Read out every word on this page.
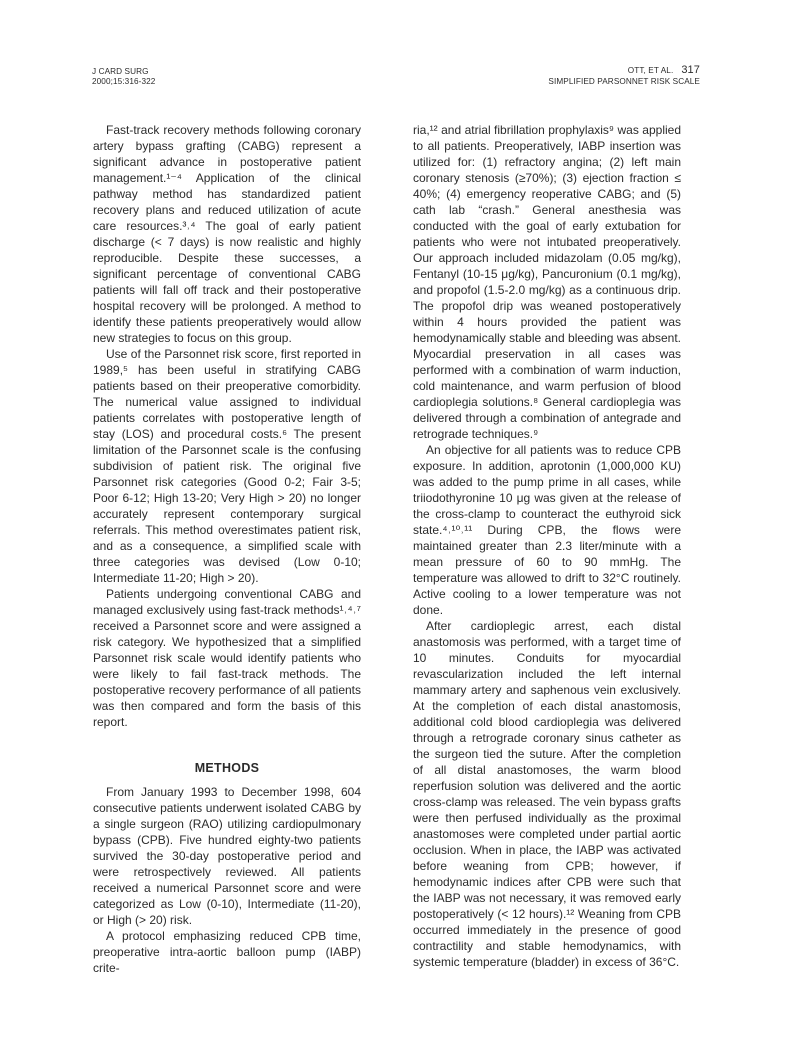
J CARD SURG
2000;15:316-322
OTT, ET AL. 317
SIMPLIFIED PARSONNET RISK SCALE

Fast-track recovery methods following coronary artery bypass grafting (CABG) represent a significant advance in postoperative patient management.¹⁻⁴ Application of the clinical pathway method has standardized patient recovery plans and reduced utilization of acute care resources.³˒⁴ The goal of early patient discharge (< 7 days) is now realistic and highly reproducible. Despite these successes, a significant percentage of conventional CABG patients will fall off track and their postoperative hospital recovery will be prolonged. A method to identify these patients preoperatively would allow new strategies to focus on this group.

Use of the Parsonnet risk score, first reported in 1989,⁵ has been useful in stratifying CABG patients based on their preoperative comorbidity. The numerical value assigned to individual patients correlates with postoperative length of stay (LOS) and procedural costs.⁶ The present limitation of the Parsonnet scale is the confusing subdivision of patient risk. The original five Parsonnet risk categories (Good 0-2; Fair 3-5; Poor 6-12; High 13-20; Very High > 20) no longer accurately represent contemporary surgical referrals. This method overestimates patient risk, and as a consequence, a simplified scale with three categories was devised (Low 0-10; Intermediate 11-20; High > 20).

Patients undergoing conventional CABG and managed exclusively using fast-track methods¹˒⁴˒⁷ received a Parsonnet score and were assigned a risk category. We hypothesized that a simplified Parsonnet risk scale would identify patients who were likely to fail fast-track methods. The postoperative recovery performance of all patients was then compared and form the basis of this report.

METHODS

From January 1993 to December 1998, 604 consecutive patients underwent isolated CABG by a single surgeon (RAO) utilizing cardiopulmonary bypass (CPB). Five hundred eighty-two patients survived the 30-day postoperative period and were retrospectively reviewed. All patients received a numerical Parsonnet score and were categorized as Low (0-10), Intermediate (11-20), or High (> 20) risk.

A protocol emphasizing reduced CPB time, preoperative intra-aortic balloon pump (IABP) crite-

ria,¹² and atrial fibrillation prophylaxis⁹ was applied to all patients. Preoperatively, IABP insertion was utilized for: (1) refractory angina; (2) left main coronary stenosis (≥70%); (3) ejection fraction ≤ 40%; (4) emergency reoperative CABG; and (5) cath lab “crash.” General anesthesia was conducted with the goal of early extubation for patients who were not intubated preoperatively. Our approach included midazolam (0.05 mg/kg), Fentanyl (10-15 μg/kg), Pancuronium (0.1 mg/kg), and propofol (1.5-2.0 mg/kg) as a continuous drip. The propofol drip was weaned postoperatively within 4 hours provided the patient was hemodynamically stable and bleeding was absent. Myocardial preservation in all cases was performed with a combination of warm induction, cold maintenance, and warm perfusion of blood cardioplegia solutions.⁸ General cardioplegia was delivered through a combination of antegrade and retrograde techniques.⁹

An objective for all patients was to reduce CPB exposure. In addition, aprotonin (1,000,000 KU) was added to the pump prime in all cases, while triiodothyronine 10 μg was given at the release of the cross-clamp to counteract the euthyroid sick state.⁴˒¹⁰˒¹¹ During CPB, the flows were maintained greater than 2.3 liter/minute with a mean pressure of 60 to 90 mmHg. The temperature was allowed to drift to 32°C routinely. Active cooling to a lower temperature was not done.

After cardioplegic arrest, each distal anastomosis was performed, with a target time of 10 minutes. Conduits for myocardial revascularization included the left internal mammary artery and saphenous vein exclusively. At the completion of each distal anastomosis, additional cold blood cardioplegia was delivered through a retrograde coronary sinus catheter as the surgeon tied the suture. After the completion of all distal anastomoses, the warm blood reperfusion solution was delivered and the aortic cross-clamp was released. The vein bypass grafts were then perfused individually as the proximal anastomoses were completed under partial aortic occlusion. When in place, the IABP was activated before weaning from CPB; however, if hemodynamic indices after CPB were such that the IABP was not necessary, it was removed early postoperatively (< 12 hours).¹² Weaning from CPB occurred immediately in the presence of good contractility and stable hemodynamics, with systemic temperature (bladder) in excess of 36°C.
